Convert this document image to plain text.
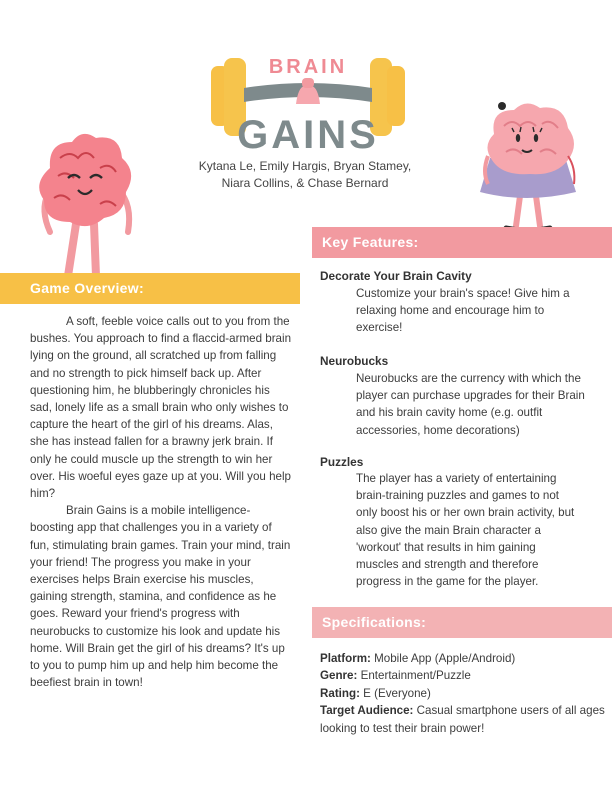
BRAIN
GAINS
Kytana Le, Emily Hargis, Bryan Stamey,
Niara Collins, & Chase Bernard
Game Overview:

A soft, feeble voice calls out to you from the bushes. You approach to find a flaccid-armed brain lying on the ground, all scratched up from falling and no strength to pick himself back up. After questioning him, he blubberingly chronicles his sad, lonely life as a small brain who only wishes to capture the heart of the girl of his dreams. Alas, she has instead fallen for a brawny jerk brain. If only he could muscle up the strength to win her over. His woeful eyes gaze up at you. Will you help him?

Brain Gains is a mobile intelligence-boosting app that challenges you in a variety of fun, stimulating brain games. Train your mind, train your friend! The progress you make in your exercises helps Brain exercise his muscles, gaining strength, stamina, and confidence as he goes. Reward your friend's progress with neurobucks to customize his look and update his home. Will Brain get the girl of his dreams? It's up to you to pump him up and help him become the beefiest brain in town!

Key Features:
Decorate Your Brain Cavity
Customize your brain's space! Give him a relaxing home and encourage him to exercise!
Neurobucks
Neurobucks are the currency with which the player can purchase upgrades for their Brain and his brain cavity home (e.g. outfit accessories, home decorations)
Puzzles
The player has a variety of entertaining brain-training puzzles and games to not only boost his or her own brain activity, but also give the main Brain character a 'workout' that results in him gaining muscles and strength and therefore progress in the game for the player.
Specifications:
Platform: Mobile App (Apple/Android)
Genre: Entertainment/Puzzle
Rating: E (Everyone)
Target Audience: Casual smartphone users of all ages looking to test their brain power!
